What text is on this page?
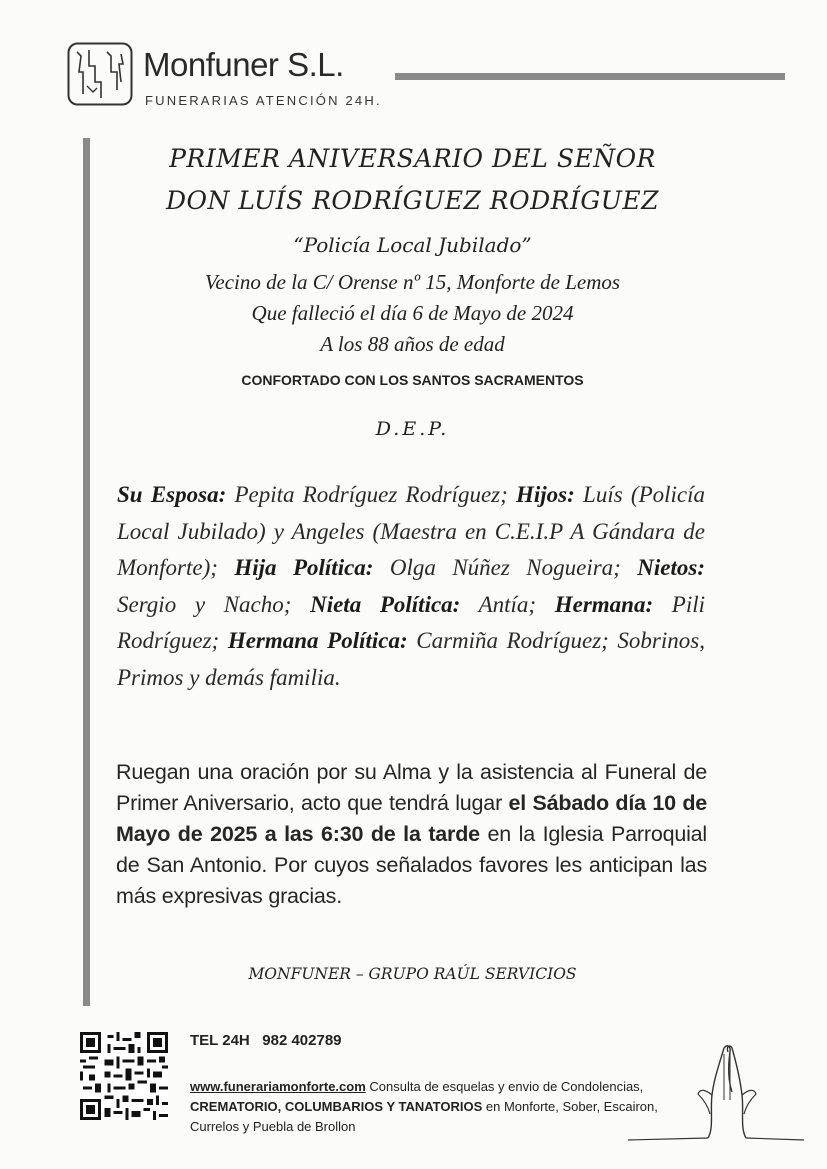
Monfuner S.L.
FUNERARIAS ATENCIÓN 24H.
PRIMER ANIVERSARIO DEL SEÑOR
DON LUÍS RODRÍGUEZ RODRÍGUEZ
“Policía Local Jubilado”
Vecino de la C/ Orense nº 15, Monforte de Lemos
Que falleció el día 6 de Mayo de 2024
A los 88 años de edad
CONFORTADO CON LOS SANTOS SACRAMENTOS
D.E.P.
Su Esposa: Pepita Rodríguez Rodríguez; Hijos: Luís (Policía Local Jubilado) y Angeles (Maestra en C.E.I.P A Gándara de Monforte); Hija Política: Olga Núñez Nogueira; Nietos: Sergio y Nacho; Nieta Política: Antía; Hermana: Pili Rodríguez; Hermana Política: Carmiña Rodríguez; Sobrinos, Primos y demás familia.
Ruegan una oración por su Alma y la asistencia al Funeral de Primer Aniversario, acto que tendrá lugar el Sábado día 10 de Mayo de 2025 a las 6:30 de la tarde en la Iglesia Parroquial de San Antonio. Por cuyos señalados favores les anticipan las más expresivas gracias.
MONFUNER – GRUPO RAÚL SERVICIOS
TEL 24H 982 402789
www.funerariamonforte.com Consulta de esquelas y envio de Condolencias, CREMATORIO, COLUMBARIOS Y TANATORIOS en Monforte, Sober, Escairon, Currelos y Puebla de Brollon
